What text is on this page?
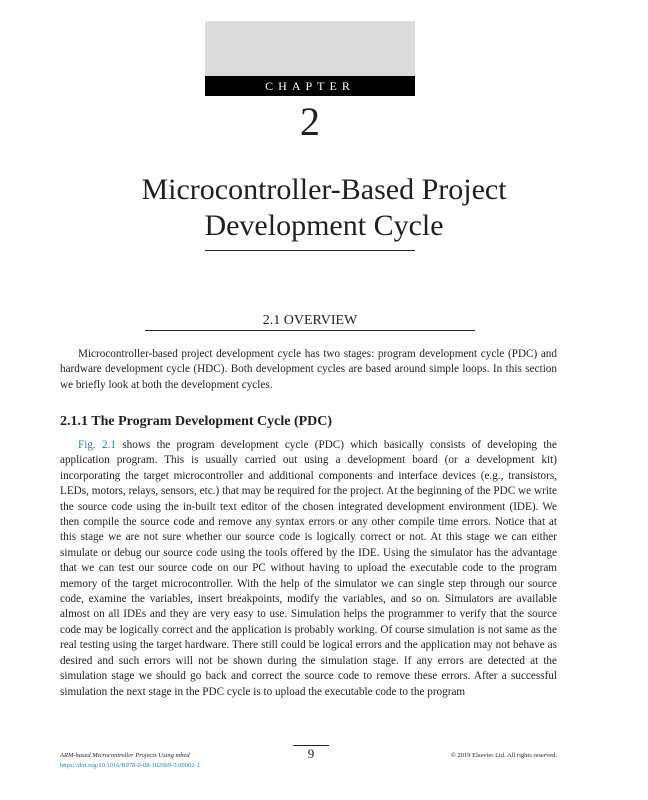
CHAPTER
2
Microcontroller-Based Project
Development Cycle
2.1 OVERVIEW

Microcontroller-based project development cycle has two stages: program development cycle (PDC) and hardware development cycle (HDC). Both development cycles are based around simple loops. In this section we briefly look at both the development cycles.

2.1.1 The Program Development Cycle (PDC)

Fig. 2.1 shows the program development cycle (PDC) which basically consists of developing the application program. This is usually carried out using a development board (or a development kit) incorporating the target microcontroller and additional components and interface devices (e.g., transistors, LEDs, motors, relays, sensors, etc.) that may be required for the project. At the beginning of the PDC we write the source code using the in-built text editor of the chosen integrated development environment (IDE). We then compile the source code and remove any syntax errors or any other compile time errors. Notice that at this stage we are not sure whether our source code is logically correct or not. At this stage we can either simulate or debug our source code using the tools offered by the IDE. Using the simulator has the advantage that we can test our source code on our PC without having to upload the executable code to the program memory of the target microcontroller. With the help of the simulator we can single step through our source code, examine the variables, insert breakpoints, modify the variables, and so on. Simulators are available almost on all IDEs and they are very easy to use. Simulation helps the programmer to verify that the source code may be logically correct and the application is probably working. Of course simulation is not same as the real testing using the target hardware. There still could be logical errors and the application may not behave as desired and such errors will not be shown during the simulation stage. If any errors are detected at the simulation stage we should go back and correct the source code to remove these errors. After a successful simulation the next stage in the PDC cycle is to upload the executable code to the program

9
ARM-based Microcontroller Projects Using mbed
https://doi.org/10.1016/B978-0-08-102969-5.00002-1
© 2019 Elsevier Ltd. All rights reserved.
